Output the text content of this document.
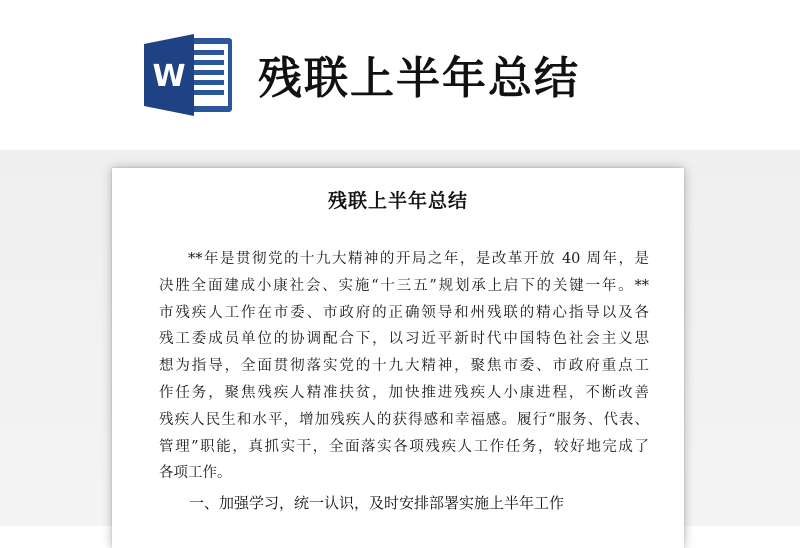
W 残联上半年总结
残联上半年总结
**年是贯彻党的十九大精神的开局之年，是改革开放 40 周年，是
决胜全面建成小康社会、实施“十三五”规划承上启下的关键一年。**
市残疾人工作在市委、市政府的正确领导和州残联的精心指导以及各
残工委成员单位的协调配合下，以习近平新时代中国特色社会主义思
想为指导，全面贯彻落实党的十九大精神，聚焦市委、市政府重点工
作任务，聚焦残疾人精准扶贫，加快推进残疾人小康进程，不断改善
残疾人民生和水平，增加残疾人的获得感和幸福感。履行“服务、代表、
管理”职能，真抓实干，全面落实各项残疾人工作任务，较好地完成了
各项工作。
一、加强学习，统一认识，及时安排部署实施上半年工作
